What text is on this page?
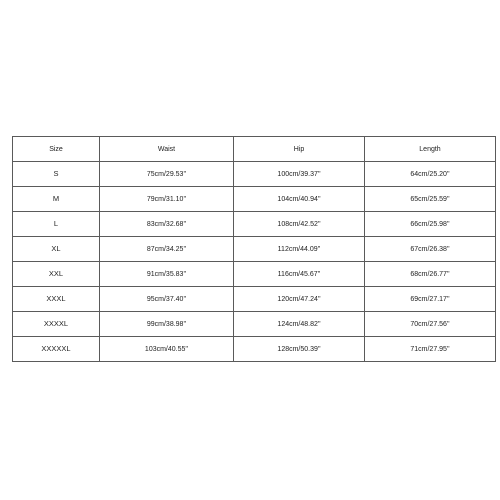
Size	Waist	Hip	Length
S	75cm/29.53''	100cm/39.37''	64cm/25.20''
M	79cm/31.10''	104cm/40.94''	65cm/25.59''
L	83cm/32.68''	108cm/42.52''	66cm/25.98''
XL	87cm/34.25''	112cm/44.09''	67cm/26.38''
XXL	91cm/35.83''	116cm/45.67''	68cm/26.77''
XXXL	95cm/37.40''	120cm/47.24''	69cm/27.17''
XXXXL	99cm/38.98''	124cm/48.82''	70cm/27.56''
XXXXXL	103cm/40.55''	128cm/50.39''	71cm/27.95''
